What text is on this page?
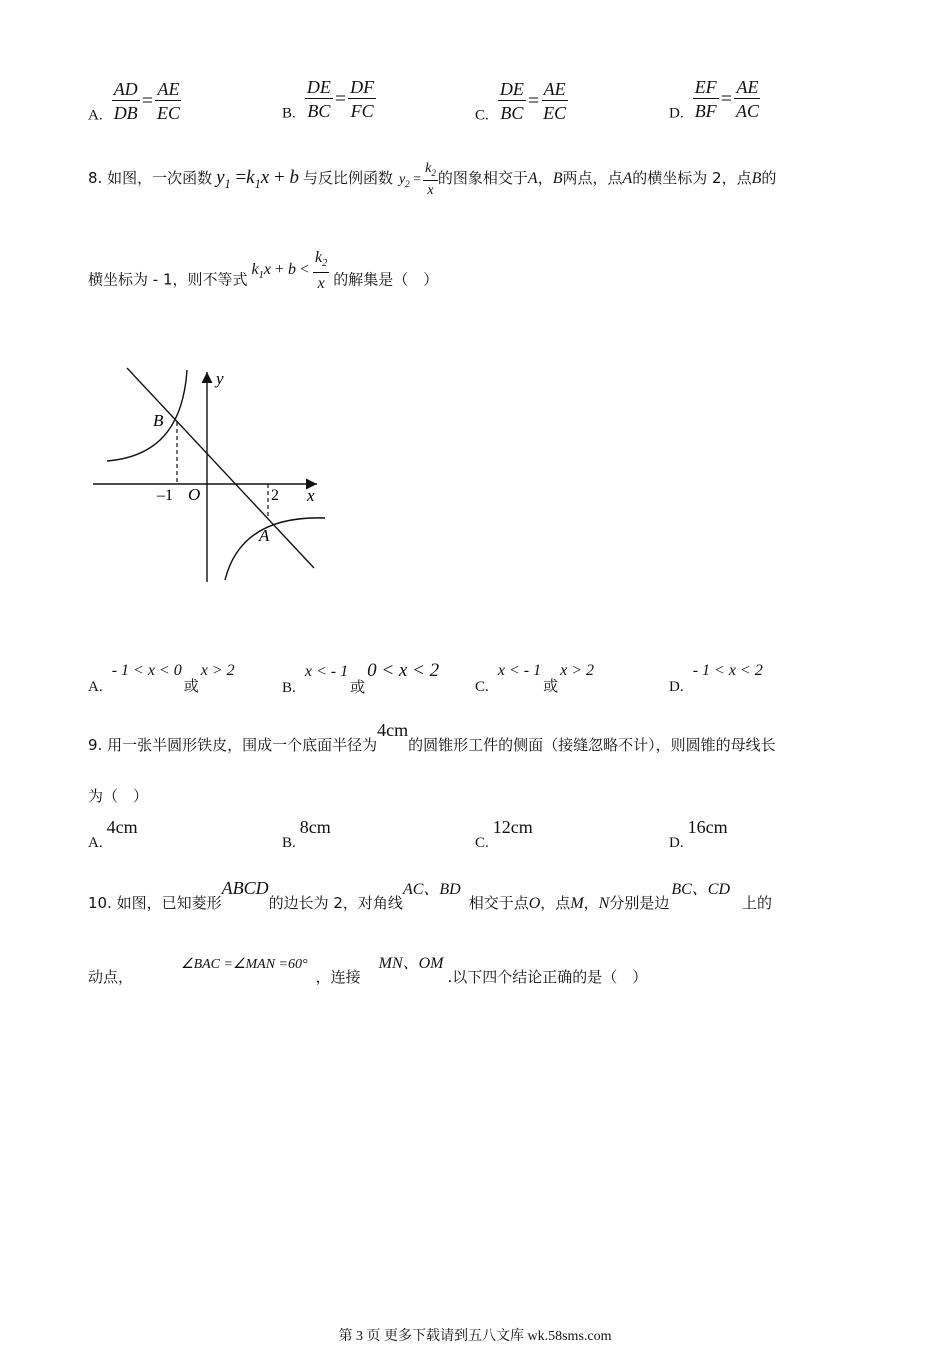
A. $\frac{AD}{DB} = \frac{AE}{EC}$	B. $\frac{DE}{BC} = \frac{DF}{FC}$	C. $\frac{DE}{BC} = \frac{AE}{EC}$	D. $\frac{EF}{BF} = \frac{AE}{AC}$
8. 如图，一次函数 $y_1 =k_1x + b$ 与反比例函数 $y_2 = \frac{k_2}{x}$ 的图象相交于A，B两点，点A的横坐标为 2，点B的
横坐标为 - 1，则不等式$k_1x + b < \frac{k_2}{x}$ 的解集是（　）
y
x
O
–1	2
B
A
A. - 1 < x < 0或x > 2
B. x < - 1或0 < x < 2
C. x < - 1或x > 2
D. - 1 < x < 2
9. 用一张半圆形铁皮，围成一个底面半径为4cm的圆锥形工件的侧面（接缝忽略不计），则圆锥的母线长
为（　）
A.4cm
B.8cm
C.12cm
D.16cm
10. 如图，已知菱形ABCD的边长为 2，对角线AC、BD相交于点O，点M，N分别是边BC、CD上的
动点，∠BAC =∠MAN =60°，连接MN、OM.以下四个结论正确的是（　）
第 3 页 更多下载请到五八文库 wk.58sms.com
